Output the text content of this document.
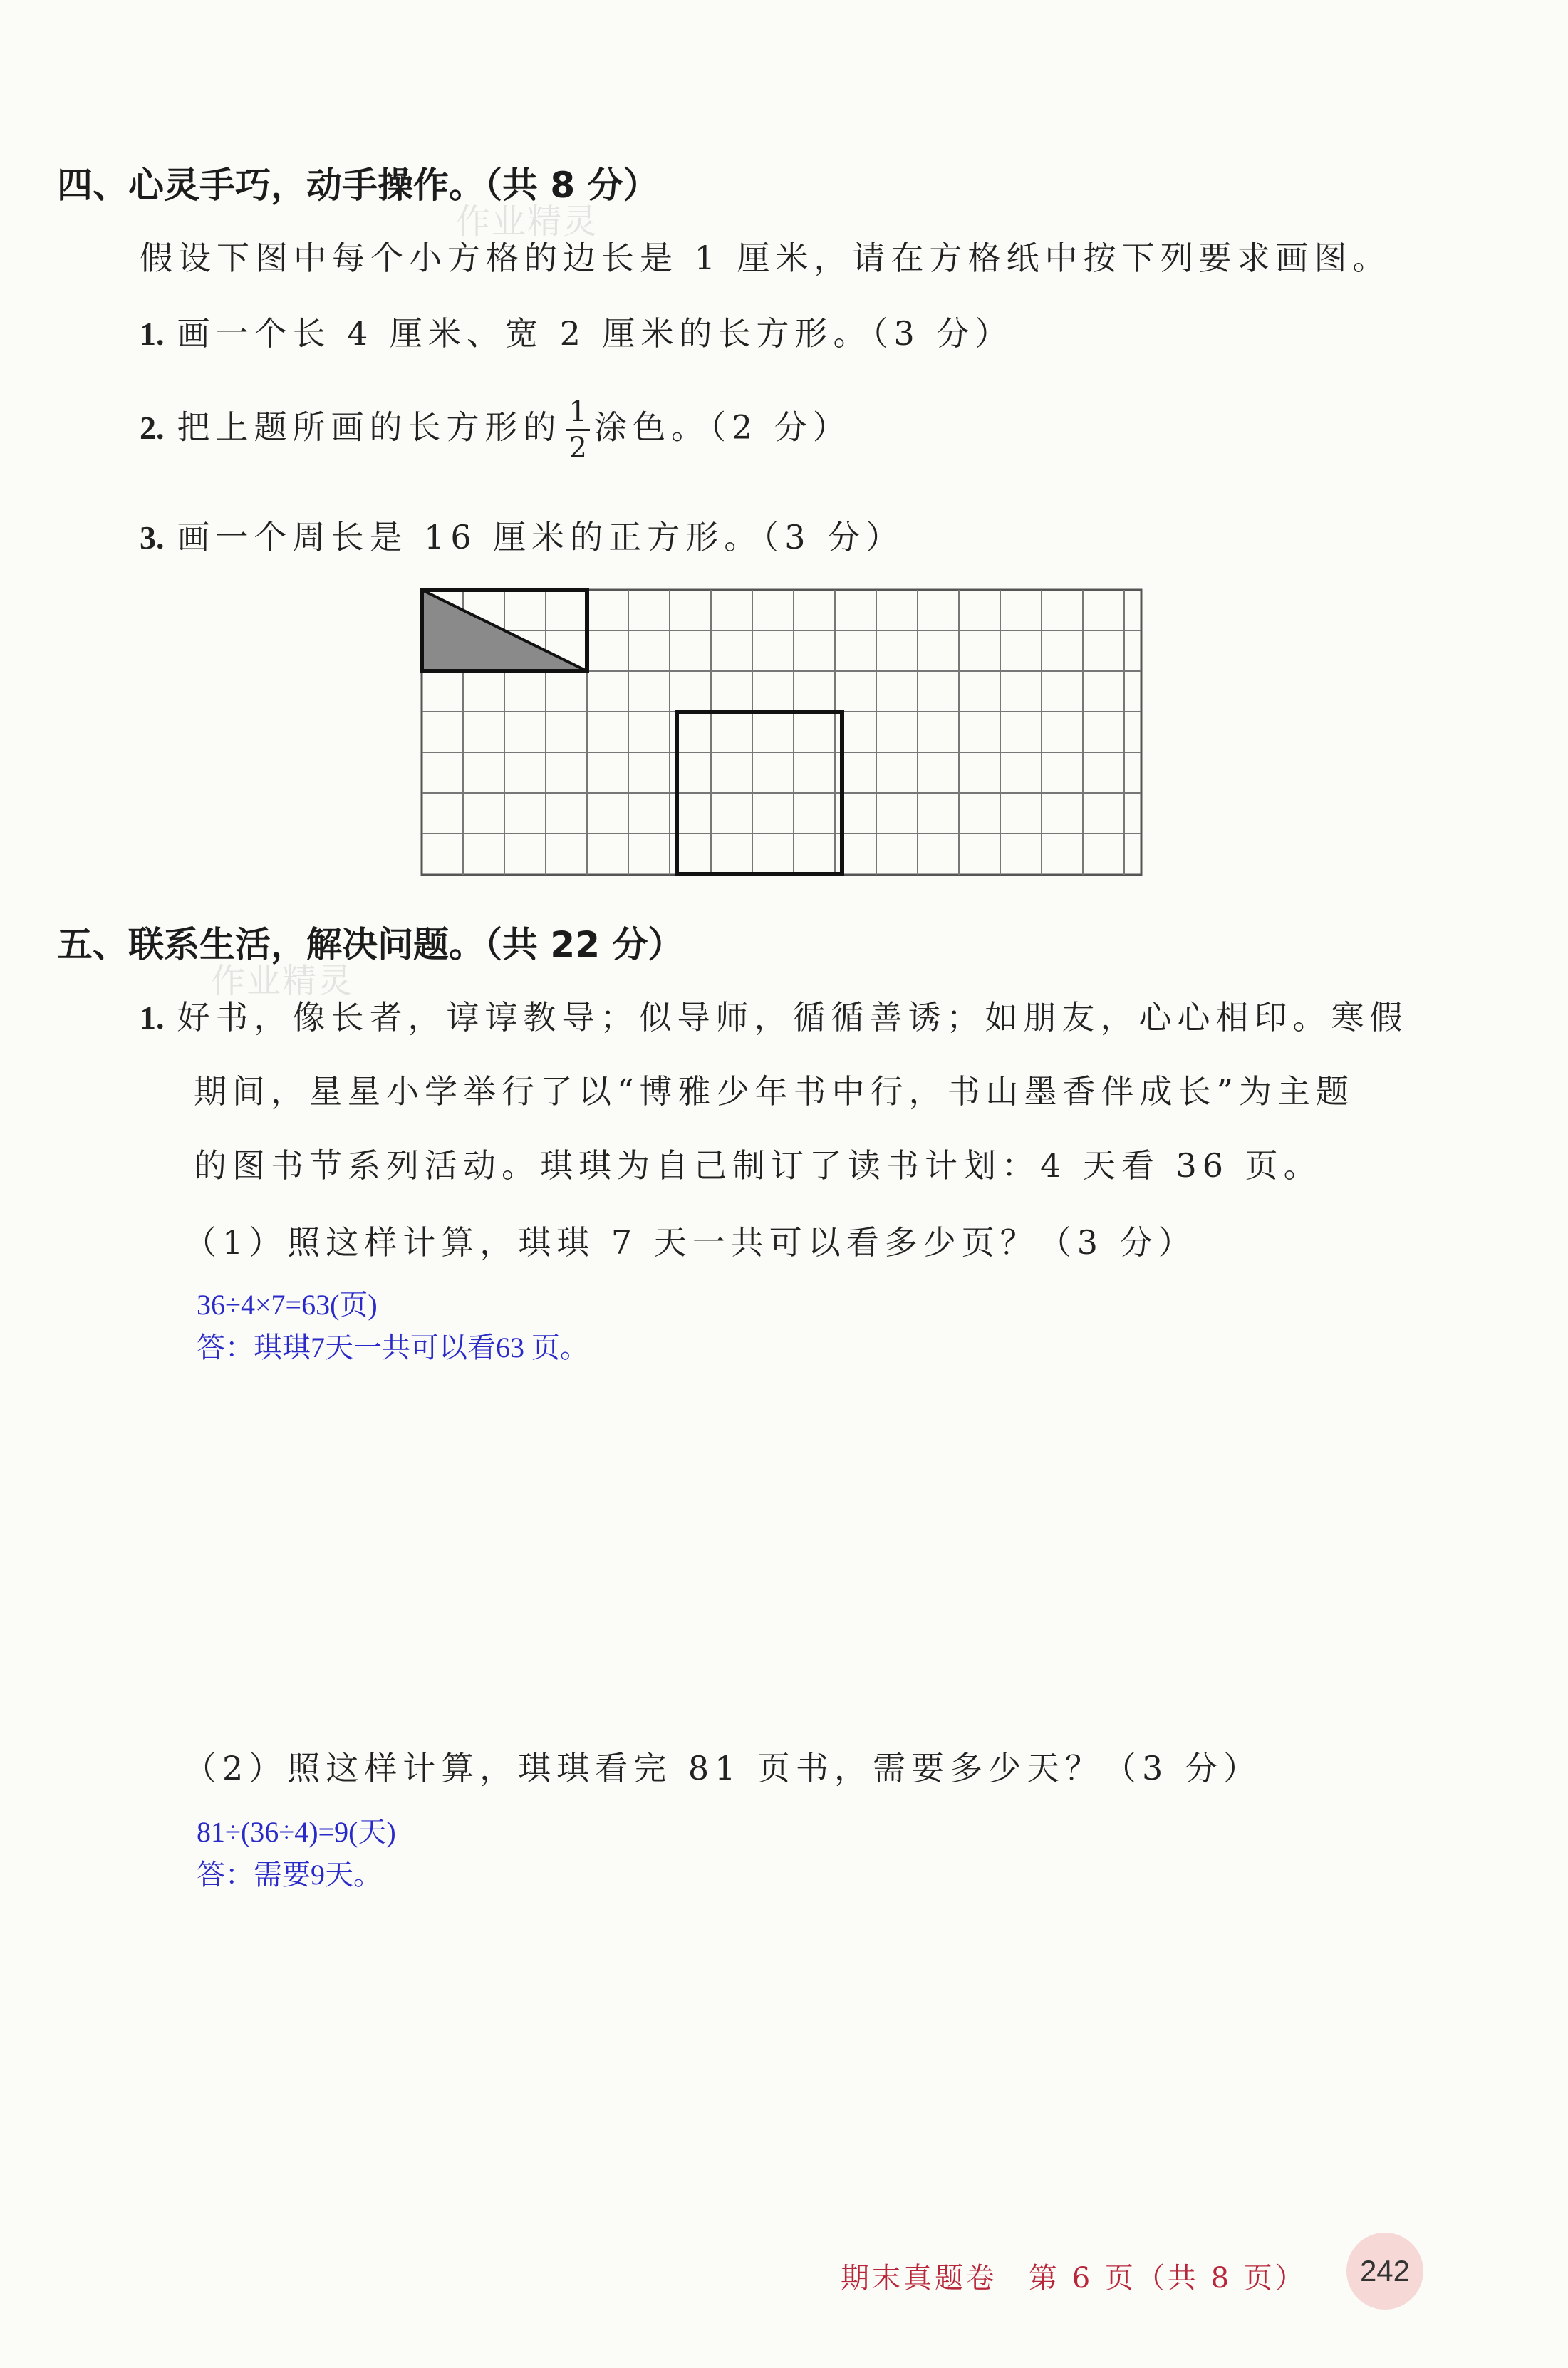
四、心灵手巧，动手操作。（共 8 分）
作业精灵
假设下图中每个小方格的边长是 1 厘米，请在方格纸中按下列要求画图。
1. 画一个长 4 厘米、宽 2 厘米的长方形。（3 分）
2. 把上题所画的长方形的 $\frac{1}{2}$ 涂色。（2 分）
3. 画一个周长是 16 厘米的正方形。（3 分）
五、联系生活，解决问题。（共 22 分）
作业精灵
1. 好书，像长者，谆谆教导；似导师，循循善诱；如朋友，心心相印。寒假
期间，星星小学举行了以“博雅少年书中行，书山墨香伴成长”为主题
的图书节系列活动。琪琪为自己制订了读书计划：4 天看 36 页。
（1）照这样计算，琪琪 7 天一共可以看多少页？（3 分）
36÷4×7=63(页)
答：琪琪7天一共可以看63 页。
（2）照这样计算，琪琪看完 81 页书，需要多少天？（3 分）
81÷(36÷4)=9(天)
答：需要9天。
期末真题卷　第 6 页（共 8 页） 242
